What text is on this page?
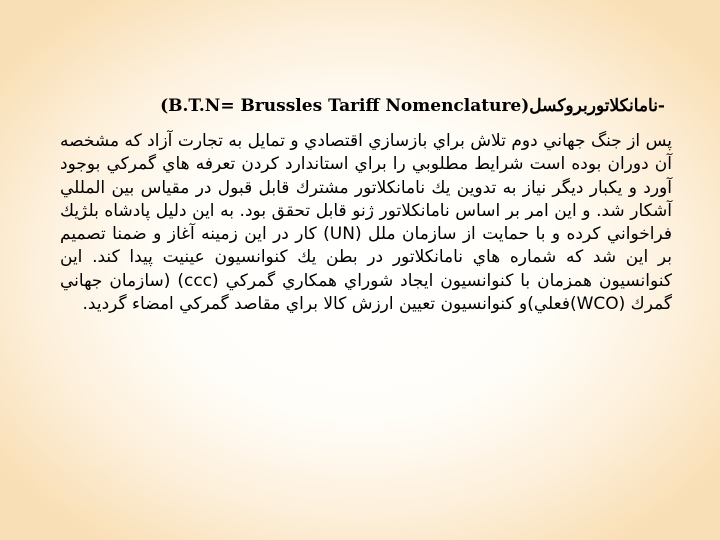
-نامانکلاتوربروکسل(B.T.N= Brussles Tariff Nomenclature)

پس از جنگ جهاني دوم تلاش براي بازسازي اقتصادي و تمايل به تجارت آزاد كه مشخصه آن دوران بوده است شرايط مطلوبي را براي استاندارد كردن تعرفه هاي گمركي بوجود آورد و يكبار ديگر نياز به تدوين يك نامانكلاتور مشترك قابل قبول در مقياس بين المللي آشكار شد. و اين امر بر اساس نامانكلاتور ژنو قابل تحقق بود. به اين دليل پادشاه بلژيك فراخواني كرده و با حمايت از سازمان ملل (UN) كار در اين زمينه آغاز و ضمنا تصميم بر اين شد كه شماره هاي نامانكلاتور در بطن يك كنوانسيون عينيت پيدا كند. اين كنوانسيون همزمان با كنوانسيون ايجاد شوراي همكاري گمركي (ccc) (سازمان جهاني گمرك (WCO)فعلي)و كنوانسيون تعيين ارزش كالا براي مقاصد گمركي امضاء گرديد.
